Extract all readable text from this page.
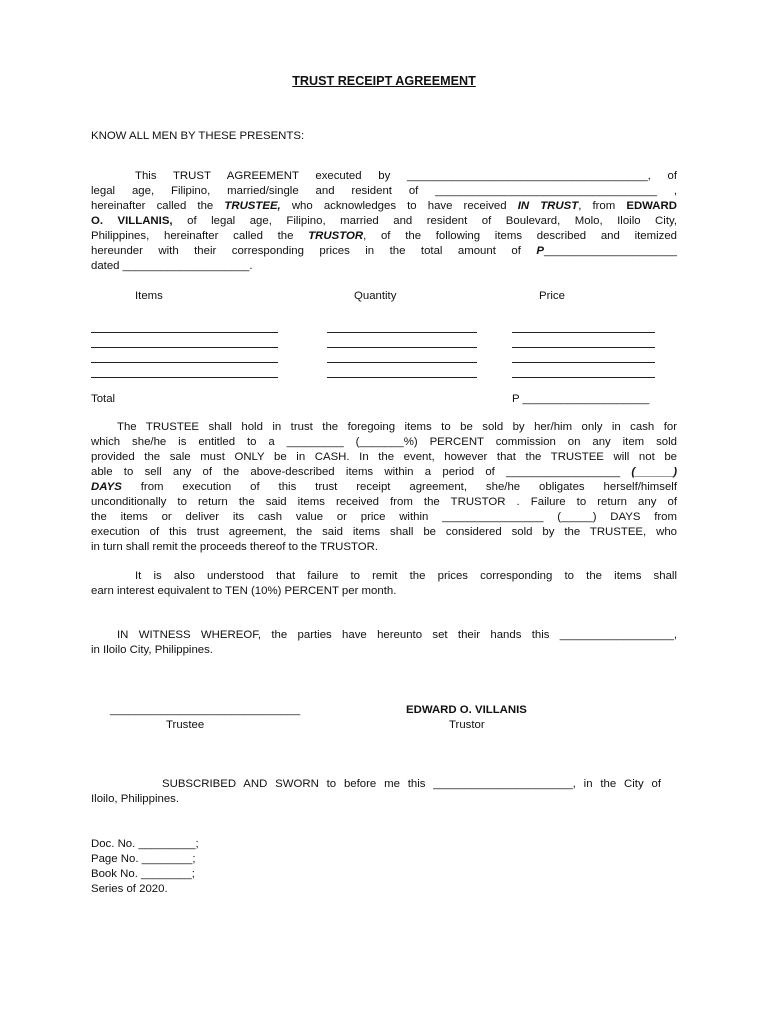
TRUST RECEIPT AGREEMENT
KNOW ALL MEN BY THESE PRESENTS:
This TRUST AGREEMENT executed by ______________________________________, of
legal age, Filipino, married/single and resident of ___________________________________ ,
hereinafter called the TRUSTEE, who acknowledges to have received IN TRUST, from EDWARD
O. VILLANIS, of legal age, Filipino, married and resident of Boulevard, Molo, Iloilo City,
Philippines, hereinafter called the TRUSTOR, of the following items described and itemized
hereunder with their corresponding prices in the total amount of P_____________________
dated ____________________.
Items	Quantity	Price
Total	P ____________________
The TRUSTEE shall hold in trust the foregoing items to be sold by her/him only in cash for
which she/he is entitled to a _________ (_______%) PERCENT commission on any item sold
provided the sale must ONLY be in CASH. In the event, however that the TRUSTEE will not be
able to sell any of the above-described items within a period of __________________ (______)
DAYS from execution of this trust receipt agreement, she/he obligates herself/himself
unconditionally to return the said items received from the TRUSTOR . Failure to return any of
the items or deliver its cash value or price within ________________ (_____) DAYS from
execution of this trust agreement, the said items shall be considered sold by the TRUSTEE, who
in turn shall remit the proceeds thereof to the TRUSTOR.
It is also understood that failure to remit the prices corresponding to the items shall
earn interest equivalent to TEN (10%) PERCENT per month.
IN WITNESS WHEREOF, the parties have hereunto set their hands this __________________,
in Iloilo City, Philippines.
______________________________
Trustee
EDWARD O. VILLANIS
Trustor
SUBSCRIBED AND SWORN to before me this ______________________, in the City of
Iloilo, Philippines.
Doc. No. _________;
Page No. ________;
Book No. ________;
Series of 2020.
